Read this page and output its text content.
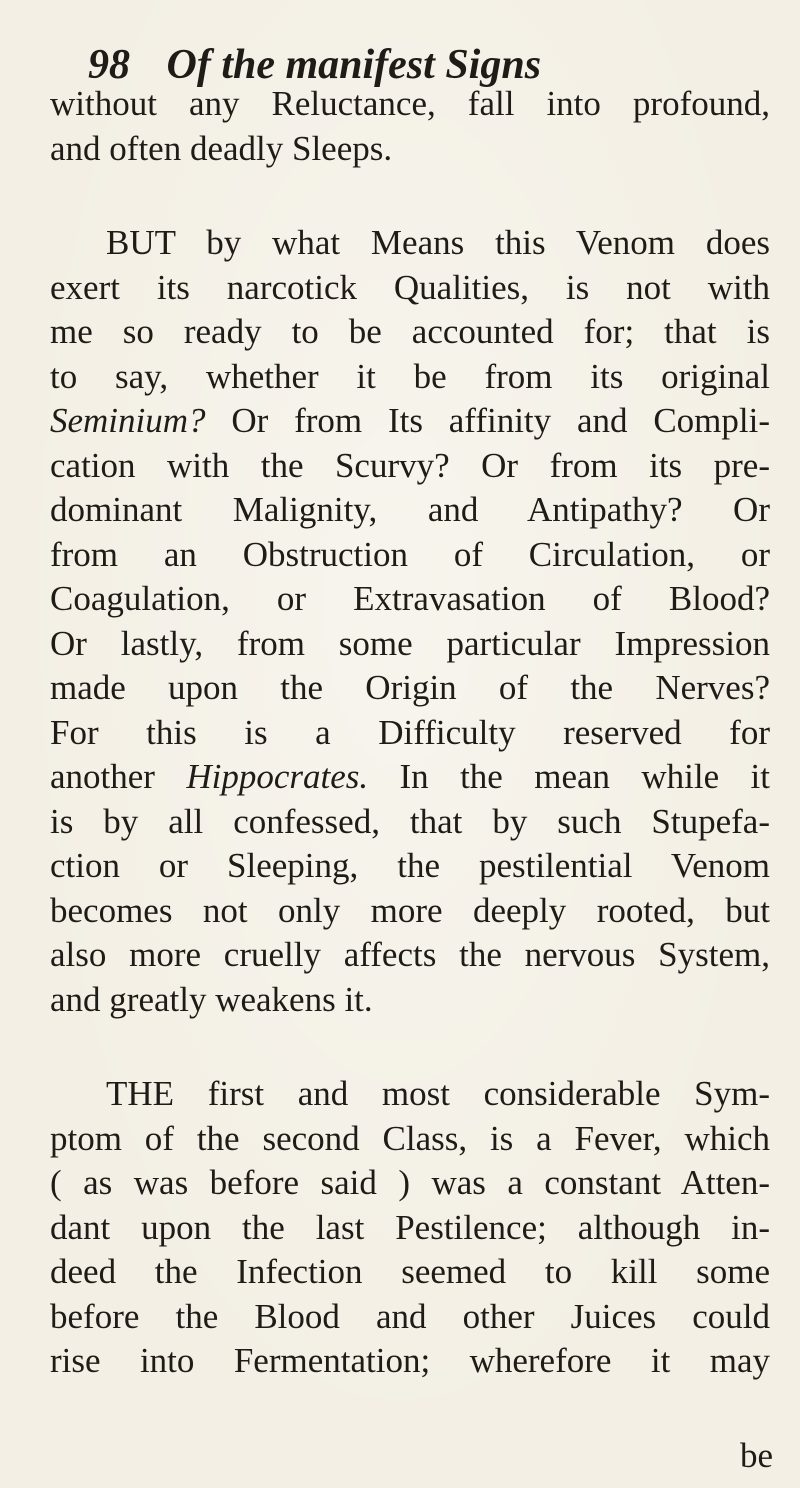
98 Of the manifest Signs
without any Reluctance, fall into profound,
and often deadly Sleeps.
BUT by what Means this Venom does
exert its narcotick Qualities, is not with
me so ready to be accounted for; that is
to say, whether it be from its original
Seminium? Or from Its affinity and Compli-
cation with the Scurvy? Or from its pre-
dominant Malignity, and Antipathy? Or
from an Obstruction of Circulation, or
Coagulation, or Extravasation of Blood?
Or lastly, from some particular Impression
made upon the Origin of the Nerves?
For this is a Difficulty reserved for
another Hippocrates. In the mean while it
is by all confessed, that by such Stupefa-
ction or Sleeping, the pestilential Venom
becomes not only more deeply rooted, but
also more cruelly affects the nervous System,
and greatly weakens it.
THE first and most considerable Sym-
ptom of the second Class, is a Fever, which
( as was before said ) was a constant Atten-
dant upon the last Pestilence; although in-
deed the Infection seemed to kill some
before the Blood and other Juices could
rise into Fermentation; wherefore it may
be
